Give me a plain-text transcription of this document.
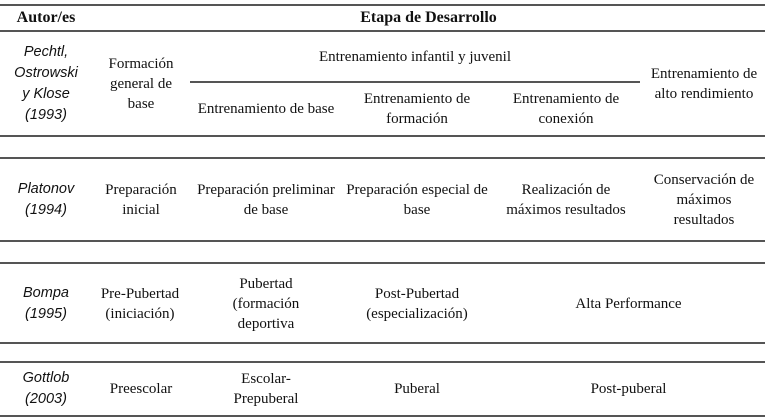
Autor/es	Etapa de Desarrollo
Pechtl,
Ostrowski
y Klose
(1993)
Formación general de base
Entrenamiento infantil y juvenil
Entrenamiento de base
Entrenamiento de formación
Entrenamiento de conexión
Entrenamiento de alto rendimiento
Platonov
(1994)
Preparación inicial
Preparación preliminar de base
Preparación especial de base
Realización de máximos resultados
Conservación de máximos resultados
Bompa
(1995)
Pre-Pubertad (iniciación)
Pubertad (formación deportiva
Post-Pubertad (especialización)
Alta Performance
Gottlob
(2003)
Preescolar
Escolar-Prepuberal
Puberal	Post-puberal
